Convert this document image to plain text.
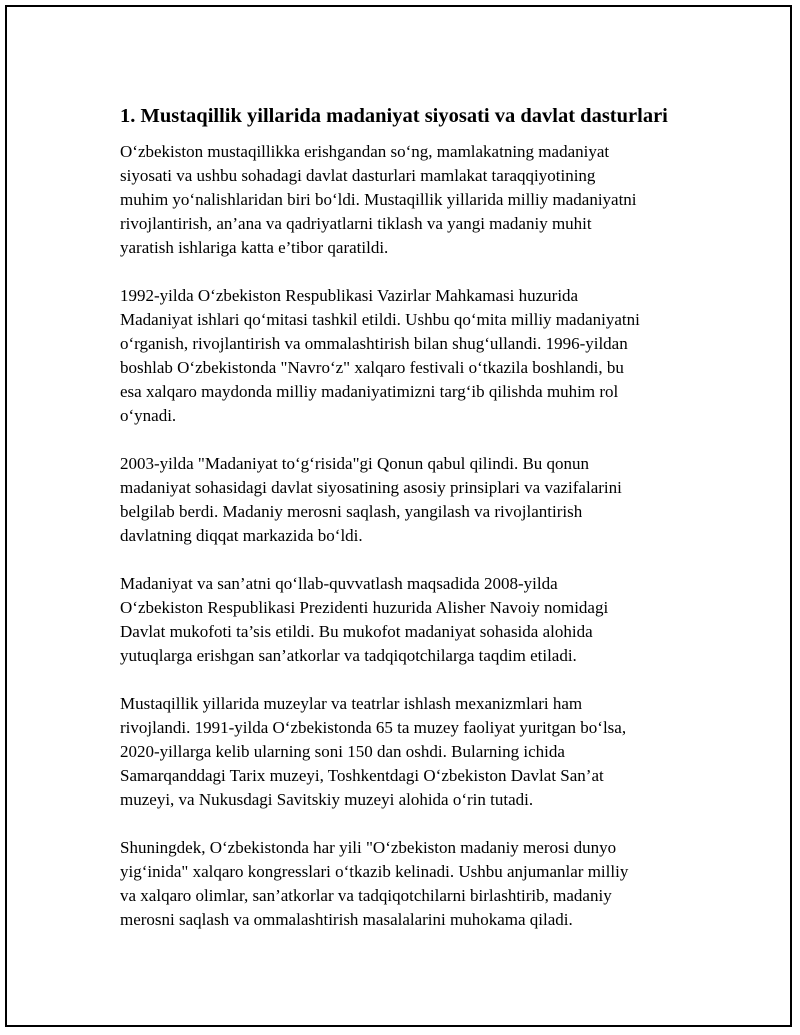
1. Mustaqillik yillarida madaniyat siyosati va davlat dasturlari

O‘zbekiston mustaqillikka erishgandan so‘ng, mamlakatning madaniyat
siyosati va ushbu sohadagi davlat dasturlari mamlakat taraqqiyotining
muhim yo‘nalishlaridan biri bo‘ldi. Mustaqillik yillarida milliy madaniyatni
rivojlantirish, an’ana va qadriyatlarni tiklash va yangi madaniy muhit
yaratish ishlariga katta e’tibor qaratildi.

1992-yilda O‘zbekiston Respublikasi Vazirlar Mahkamasi huzurida
Madaniyat ishlari qo‘mitasi tashkil etildi. Ushbu qo‘mita milliy madaniyatni
o‘rganish, rivojlantirish va ommalashtirish bilan shug‘ullandi. 1996-yildan
boshlab O‘zbekistonda "Navro‘z" xalqaro festivali o‘tkazila boshlandi, bu
esa xalqaro maydonda milliy madaniyatimizni targ‘ib qilishda muhim rol
o‘ynadi.

2003-yilda "Madaniyat to‘g‘risida"gi Qonun qabul qilindi. Bu qonun
madaniyat sohasidagi davlat siyosatining asosiy prinsiplari va vazifalarini
belgilab berdi. Madaniy merosni saqlash, yangilash va rivojlantirish
davlatning diqqat markazida bo‘ldi.

Madaniyat va san’atni qo‘llab-quvvatlash maqsadida 2008-yilda
O‘zbekiston Respublikasi Prezidenti huzurida Alisher Navoiy nomidagi
Davlat mukofoti ta’sis etildi. Bu mukofot madaniyat sohasida alohida
yutuqlarga erishgan san’atkorlar va tadqiqotchilarga taqdim etiladi.

Mustaqillik yillarida muzeylar va teatrlar ishlash mexanizmlari ham
rivojlandi. 1991-yilda O‘zbekistonda 65 ta muzey faoliyat yuritgan bo‘lsa,
2020-yillarga kelib ularning soni 150 dan oshdi. Bularning ichida
Samarqanddagi Tarix muzeyi, Toshkentdagi O‘zbekiston Davlat San’at
muzeyi, va Nukusdagi Savitskiy muzeyi alohida o‘rin tutadi.

Shuningdek, O‘zbekistonda har yili "O‘zbekiston madaniy merosi dunyo
yig‘inida" xalqaro kongresslari o‘tkazib kelinadi. Ushbu anjumanlar milliy
va xalqaro olimlar, san’atkorlar va tadqiqotchilarni birlashtirib, madaniy
merosni saqlash va ommalashtirish masalalarini muhokama qiladi.
